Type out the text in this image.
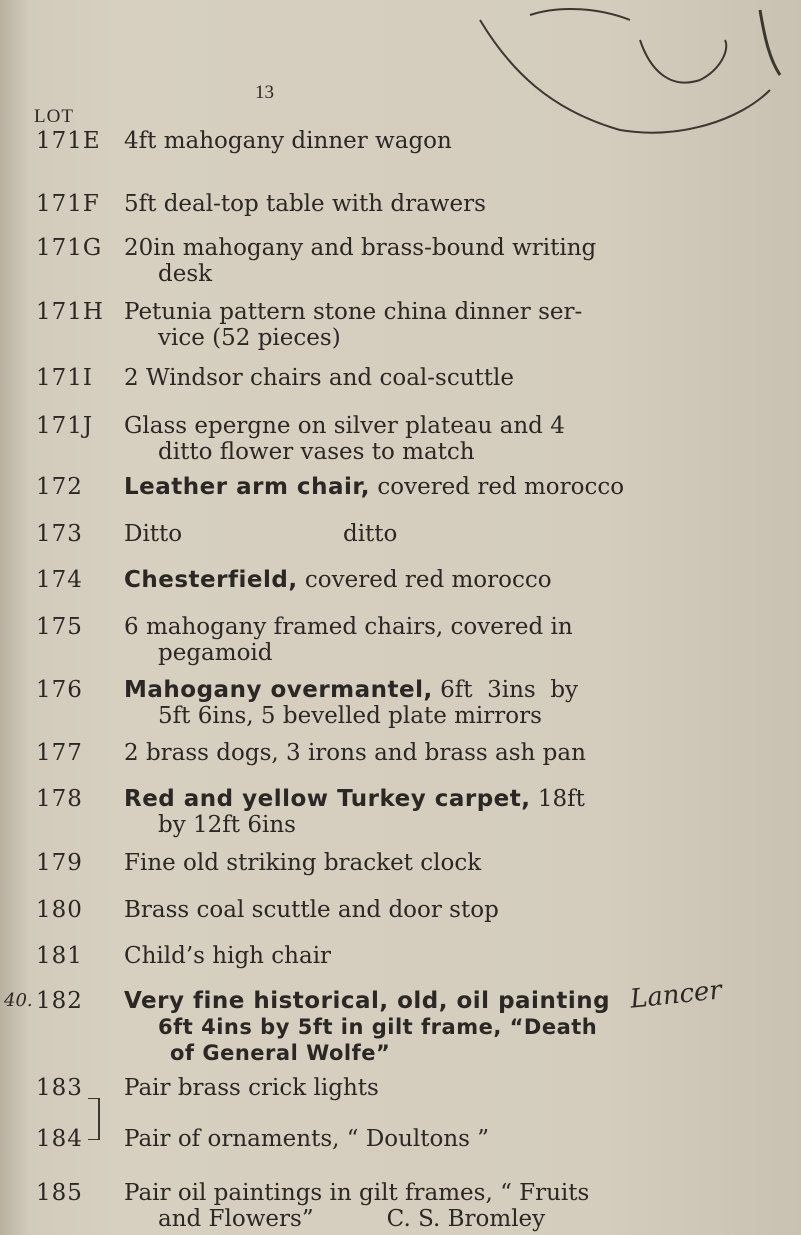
13
LOT
171E	4ft mahogany dinner wagon
171F	5ft deal-top table with drawers
171G 20in mahogany and brass-bound writing
desk
171H Petunia pattern stone china dinner ser-
vice (52 pieces)
171I	2 Windsor chairs and coal-scuttle
171J	Glass epergne on silver plateau and 4
ditto flower vases to match
172	Leather arm chair, covered red morocco
173	Ditto                      ditto
174	Chesterfield, covered red morocco
175	6 mahogany framed chairs, covered in
pegamoid
176	Mahogany overmantel, 6ft  3ins  by
5ft 6ins, 5 bevelled plate mirrors
177	2 brass dogs, 3 irons and brass ash pan
178	Red and yellow Turkey carpet, 18ft
by 12ft 6ins
179	Fine old striking bracket clock
180	Brass coal scuttle and door stop
181	Child’s high chair
182	Very fine historical, old, oil painting
6ft 4ins by 5ft in gilt frame, “Death
of General Wolfe”
183	Pair brass crick lights
184	Pair of ornaments, “ Doultons ”
185	Pair oil paintings in gilt frames, “ Fruits
and Flowers”          C. S. Bromley
40.	Lancer
